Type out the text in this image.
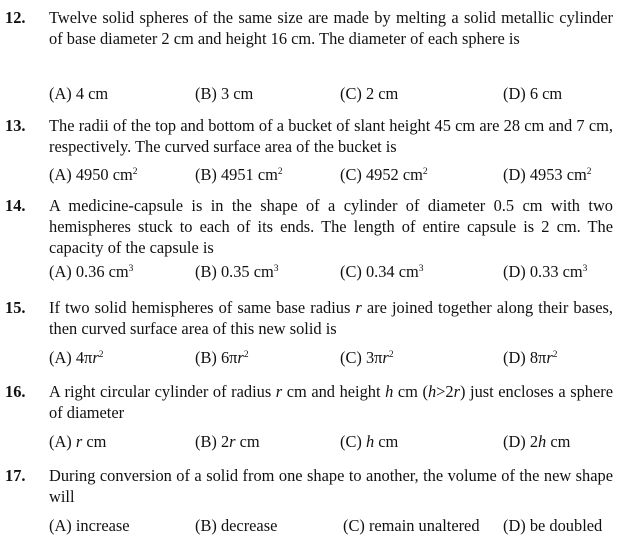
12. Twelve solid spheres of the same size are made by melting a solid metallic cylinder of base diameter 2 cm and height 16 cm. The diameter of each sphere is

(A) 4 cm	(B) 3 cm	(C) 2 cm	(D) 6 cm
13. The radii of the top and bottom of a bucket of slant height 45 cm are 28 cm and 7 cm, respectively. The curved surface area of the bucket is

(A) 4950 $cm^2$	(B) 4951 $cm^2$	(C) 4952 $cm^2$	(D) 4953 $cm^2$
14. A medicine-capsule is in the shape of a cylinder of diameter 0.5 cm with two hemispheres stuck to each of its ends. The length of entire capsule is 2 cm. The capacity of the capsule is

(A) 0.36 $cm^3$	(B) 0.35 $cm^3$	(C) 0.34 $cm^3$	(D) 0.33 $cm^3$
15. If two solid hemispheres of same base radius r are joined together along their bases, then curved surface area of this new solid is

(A) $4\pi r^2$	(B) $6\pi r^2$	(C) $3\pi r^2$	(D) $8\pi r^2$
16. A right circular cylinder of radius r cm and height h cm (h>2r) just encloses a sphere of diameter

(A) r cm	(B) 2r cm	(C) h cm	(D) 2h cm
17. During conversion of a solid from one shape to another, the volume of the new shape will

(A) increase	(B) decrease	(C) remain unaltered (D) be doubled
